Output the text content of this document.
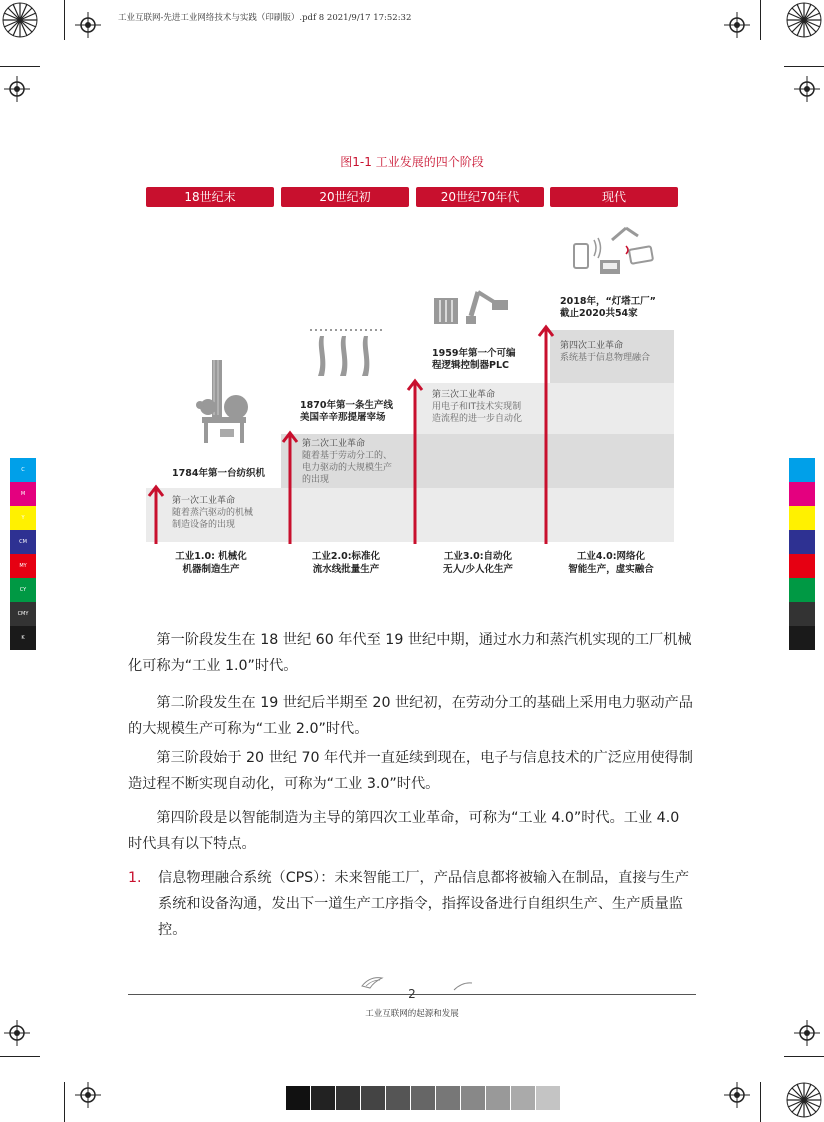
工业互联网-先进工业网络技术与实践（印刷版）.pdf 8 2021/9/17 17:52:32
C
M
Y
CM
MY
CY
CMY
K
图1-1 工业发展的四个阶段
18世纪末	20世纪初	20世纪70年代	现代
第一次工业革命
随着蒸汽驱动的机械
制造设备的出现
1784年第一台纺织机
第二次工业革命
随着基于劳动分工的、
电力驱动的大规模生产
的出现
1870年第一条生产线
美国辛辛那提屠宰场
第三次工业革命
用电子和IT技术实现制
造流程的进一步自动化
1959年第一个可编
程逻辑控制器PLC
第四次工业革命
系统基于信息物理融合
2018年，“灯塔工厂”
截止2020共54家
工业1.0: 机械化
机器制造生产
工业2.0:标准化
流水线批量生产
工业3.0:自动化
无人/少人化生产
工业4.0:网络化
智能生产，虚实融合

第一阶段发生在 18 世纪 60 年代至 19 世纪中期，通过水力和蒸汽机实现的工厂机械化可称为“工业 1.0”时代。

第二阶段发生在 19 世纪后半期至 20 世纪初，在劳动分工的基础上采用电力驱动产品的大规模生产可称为“工业 2.0”时代。

第三阶段始于 20 世纪 70 年代并一直延续到现在，电子与信息技术的广泛应用使得制造过程不断实现自动化，可称为“工业 3.0”时代。

第四阶段是以智能制造为主导的第四次工业革命，可称为“工业 4.0”时代。工业 4.0 时代具有以下特点。

1. 信息物理融合系统（CPS）：未来智能工厂，产品信息都将被输入在制品，直接与生产系统和设备沟通，发出下一道生产工序指令，指挥设备进行自组织生产、生产质量监控。
2
工业互联网的起源和发展
